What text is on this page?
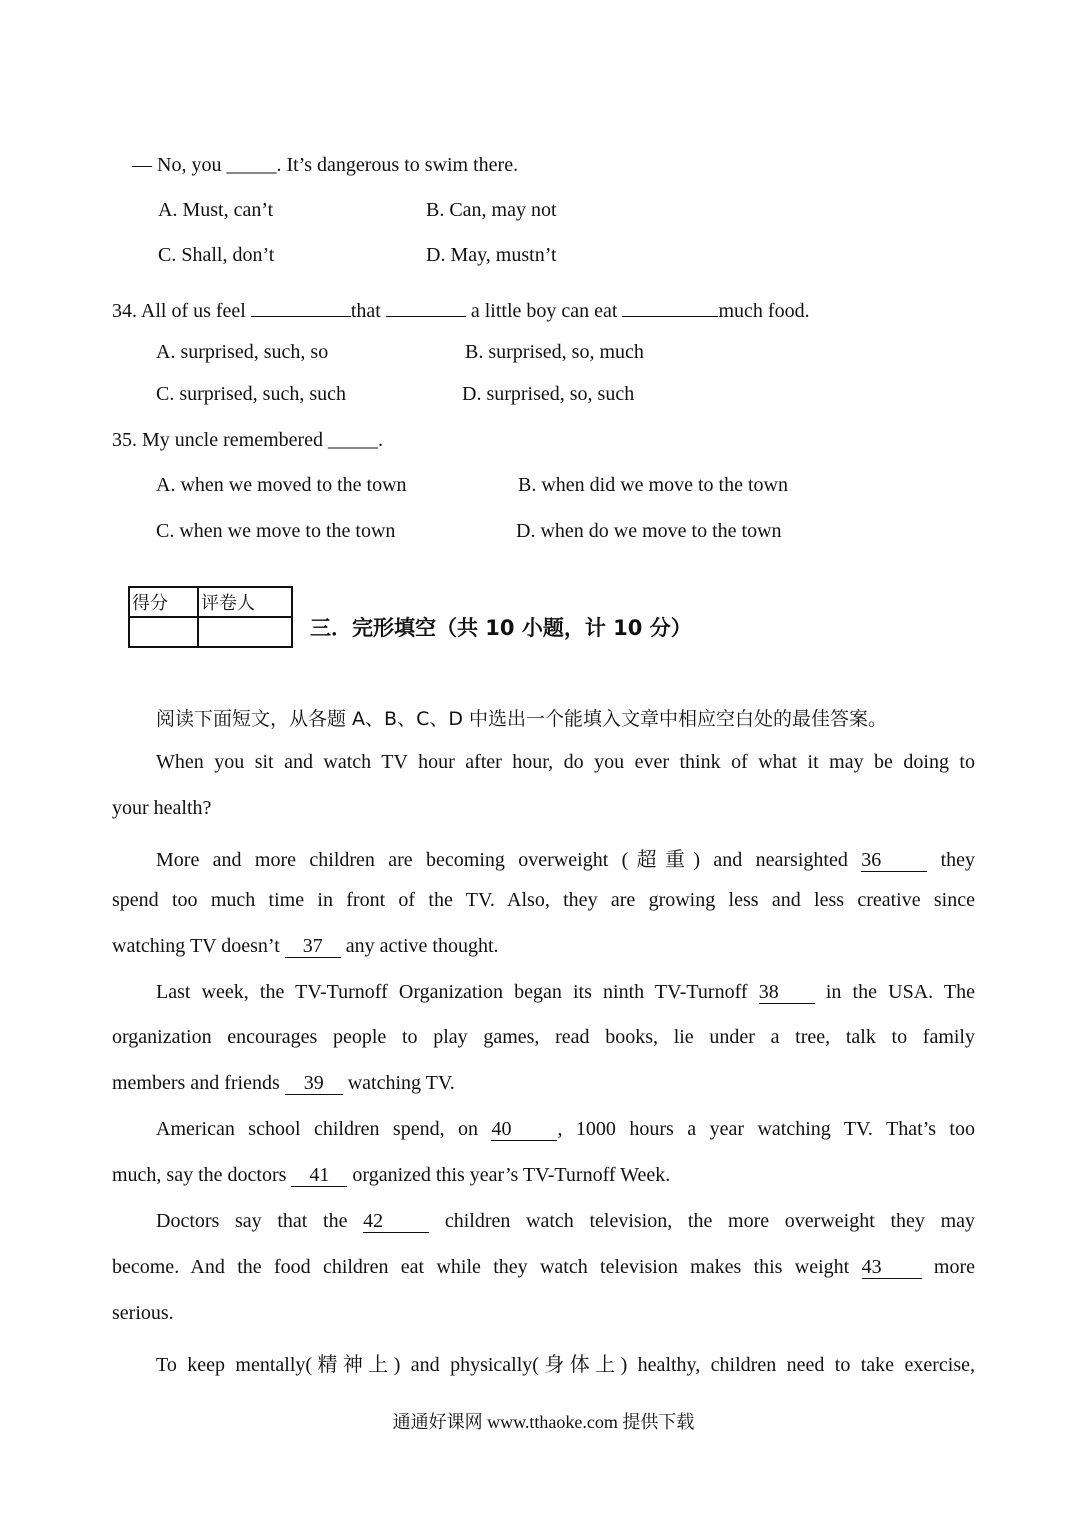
— No, you _____. It’s dangerous to swim there.
A. Must, can’t	B. Can, may not
C. Shall, don’t	D. May, mustn’t
34. All of us feel	that	a little boy can eat	much food.
A. surprised, such, so	B. surprised, so, much
C. surprised, such, such	D. surprised, so, such
35. My uncle remembered _____.
A. when we moved to the town	B. when did we move to the town
C. when we move to the town	D. when do we move to the town
得分	评卷人

三．完形填空（共 10 小题，计 10 分）
阅读下面短文，从各题 A、B、C、D 中选出一个能填入文章中相应空白处的最佳答案。
When you sit and watch TV hour after hour, do you ever think of what it may be doing to
your health?
More and more children are becoming overweight (超重) and nearsighted 36	they
spend too much time in front of the TV. Also, they are growing less and less creative since
watching TV doesn’t 37 any active thought.
Last week, the TV-Turnoff Organization began its ninth TV-Turnoff 38 in the USA. The
organization encourages people to play games, read books, lie under a tree, talk to family
members and friends 39 watching TV.
American school children spend, on 40 , 1000 hours a year watching TV. That’s too
much, say the doctors 41 organized this year’s TV-Turnoff Week.
Doctors say that the 42	children watch television, the more overweight they may
become. And the food children eat while they watch television makes this weight 43	more
serious.
To keep mentally(精神上) and physically(身体上) healthy, children need to take exercise,
通通好课网 www.tthaoke.com 提供下载
